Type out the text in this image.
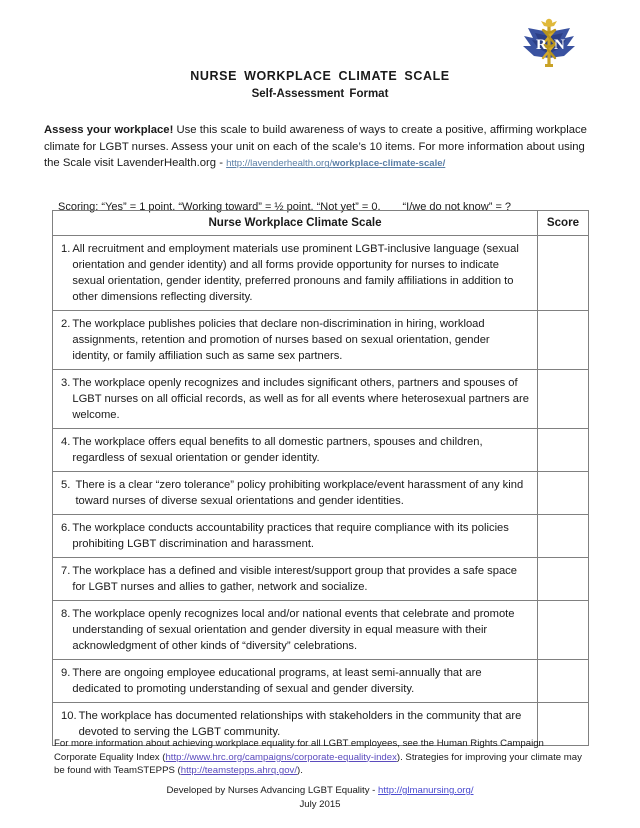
R N
NURSE WORKPLACE CLIMATE SCALE
Self-Assessment Format

Assess your workplace! Use this scale to build awareness of ways to create a positive, affirming workplace climate for LGBT nurses. Assess your unit on each of the scale’s 10 items. For more information about using the Scale visit LavenderHealth.org - http://lavenderhealth.org/workplace-climate-scale/

Scoring: “Yes” = 1 point. “Working toward” = ½ point. “Not yet” = 0. “I/we do not know” = ?
Nurse Workplace Climate Scale	Score

1. All recruitment and employment materials use prominent LGBT-inclusive language (sexual orientation and gender identity) and all forms provide opportunity for nurses to indicate sexual orientation, gender identity, preferred pronouns and family affiliations in addition to other dimensions reflecting diversity.	

2. The workplace publishes policies that declare non-discrimination in hiring, workload assignments, retention and promotion of nurses based on sexual orientation, gender identity, or family affiliation such as same sex partners.	

3. The workplace openly recognizes and includes significant others, partners and spouses of LGBT nurses on all official records, as well as for all events where heterosexual partners are welcome.	

4. The workplace offers equal benefits to all domestic partners, spouses and children, regardless of sexual orientation or gender identity.	

5. There is a clear “zero tolerance” policy prohibiting workplace/event harassment of any kind toward nurses of diverse sexual orientations and gender identities.	

6. The workplace conducts accountability practices that require compliance with its policies prohibiting LGBT discrimination and harassment.	

7. The workplace has a defined and visible interest/support group that provides a safe space for LGBT nurses and allies to gather, network and socialize.	

8. The workplace openly recognizes local and/or national events that celebrate and promote understanding of sexual orientation and gender diversity in equal measure with their acknowledgment of other kinds of “diversity” celebrations.	

9. There are ongoing employee educational programs, at least semi-annually that are dedicated to promoting understanding of sexual and gender diversity.	

10. The workplace has documented relationships with stakeholders in the community that are devoted to serving the LGBT community.	

For more information about achieving workplace equality for all LGBT employees, see the Human Rights Campaign Corporate Equality Index (http://www.hrc.org/campaigns/corporate-equality-index). Strategies for improving your climate may be found with TeamSTEPPS (http://teamstepps.ahrq.gov/).
Developed by Nurses Advancing LGBT Equality - http://glmanursing.org/
July 2015
